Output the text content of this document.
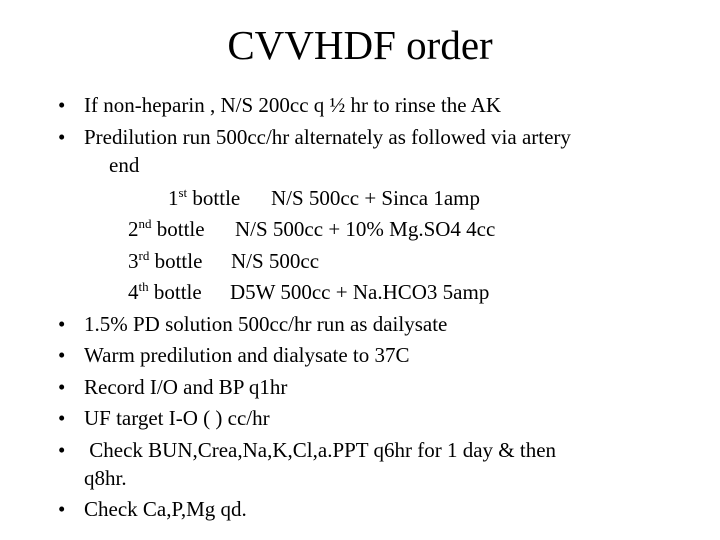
CVVHDF order
• If non-heparin , N/S 200cc q ½ hr to rinse the AK
• Predilution run 500cc/hr alternately as followed via artery
end
1st bottle N/S 500cc + Sinca 1amp
2nd bottle N/S 500cc + 10% Mg.SO4 4cc
3rd bottle N/S 500cc
4th bottle D5W 500cc + Na.HCO3 5amp
• 1.5% PD solution 500cc/hr run as dailysate
• Warm predilution and dialysate to 37C
• Record I/O and BP q1hr
• UF target I-O ( ) cc/hr
• Check BUN,Crea,Na,K,Cl,a.PPT q6hr for 1 day & then
q8hr.
• Check Ca,P,Mg qd.
